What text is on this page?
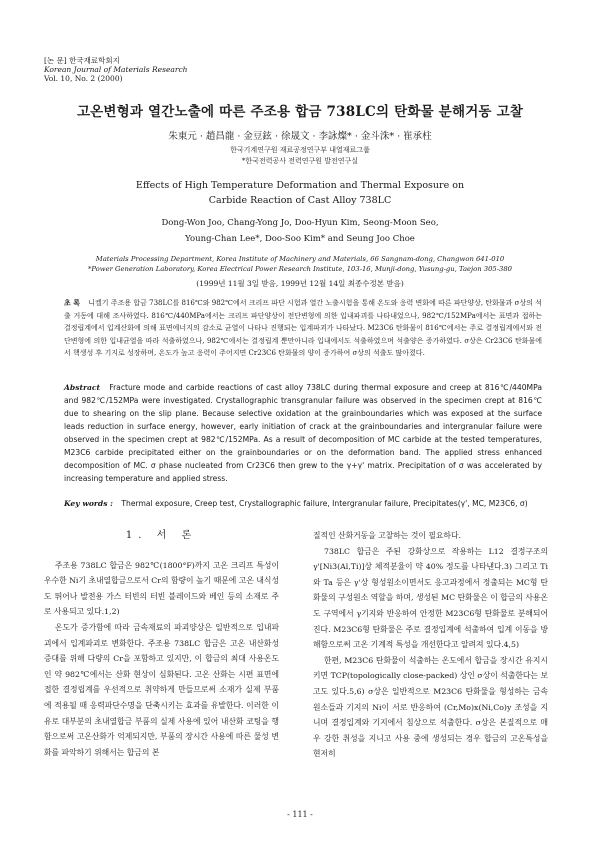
[논 문] 한국재료학회지
Korean Journal of Materials Research
Vol. 10, No. 2 (2000)
고온변형과 열간노출에 따른 주조용 합금 738LC의 탄화물 분해거동 고찰
朱東元 · 趙昌龍 · 金豆鉉 · 徐晟文 · 李詠燦* · 金斗洙* · 崔承柱
한국기계연구원 재료공정연구부 내열재료그룹
*한국전력공사 전력연구원 발전연구실
Effects of High Temperature Deformation and Thermal Exposure on
Carbide Reaction of Cast Alloy 738LC
Dong-Won Joo, Chang-Yong Jo, Doo-Hyun Kim, Seong-Moon Seo,
Young-Chan Lee*, Doo-Soo Kim* and Seung Joo Choe
Materials Processing Department, Korea Institute of Machinery and Materials, 66 Sangnam-dong, Changwon 641-010
*Power Generation Laboratory, Korea Electrical Power Research Institute, 103-16, Munji-dong, Yusung-gu, Taejon 305-380
(1999년 11월 3일 받음, 1999년 12월 14일 최종수정본 받음)
초 록 니켈기 주조용 합금 738LC를 816℃와 982℃에서 크리프 파단 시험과 열간 노출시험을 통해 온도와 응력 변화에 따른 파단양상, 탄화물과 σ상의 석출 거동에 대해 조사하였다. 816℃/440MPa에서는 크리프 파단양상이 전단변형에 의한 입내파괴를 나타내었으나, 982℃/152MPa에서는 표면과 접하는 결정립계에서 입계산화에 의해 표면에너지의 감소로 균열이 나타나 진행되는 입계파괴가 나타났다. M23C6 탄화물이 816℃에서는 주로 결정립계에서와 전단변형에 의한 입내균열을 따라 석출하였으나, 982℃에서는 결정립계 뿐만아니라 입내에서도 석출하였으며 석출양은 증가하였다. σ상은 Cr23C6 탄화물에서 핵생성 후 기지로 성장하며, 온도가 높고 응력이 주어지면 Cr23C6 탄화물의 양이 증가하여 σ상의 석출도 많아졌다.
Abstract Fracture mode and carbide reactions of cast alloy 738LC during thermal exposure and creep at 816℃/440MPa and 982℃/152MPa were investigated. Crystallographic transgranular failure was observed in the specimen crept at 816℃ due to shearing on the slip plane. Because selective oxidation at the grainboundaries which was exposed at the surface leads reduction in surface energy, however, early initiation of crack at the grainboundaries and intergranular failure were observed in the specimen crept at 982℃/152MPa. As a result of decomposition of MC carbide at the tested temperatures, M23C6 carbide precipitated either on the grainboundaries or on the deformation band. The applied stress enhanced decomposition of MC. σ phase nucleated from Cr23C6 then grew to the γ+γ' matrix. Precipitation of σ was accelerated by increasing temperature and applied stress.
Key words : Thermal exposure, Creep test, Crystallographic failure, Intergranular failure, Precipitates(γ', MC, M23C6, σ)
1. 서 론

주조용 738LC 합금은 982℃(1800°F)까지 고온 크리프 특성이 우수한 Ni기 초내열합금으로서 Cr의 함량이 높기 때문에 고온 내식성도 뛰어나 발전용 가스 터빈의 터빈 블레이드와 베인 등의 소재로 주로 사용되고 있다.1,2)

온도가 증가함에 따라 금속재료의 파괴양상은 일반적으로 입내파괴에서 입계파괴로 변화한다. 주조용 738LC 합금은 고온 내산화성 증대를 위해 다량의 Cr을 포함하고 있지만, 이 합금의 최대 사용온도인 약 982℃에서는 산화 현상이 심화된다. 고온 산화는 시편 표면에 접한 결정립계를 우선적으로 취약하게 만들므로써 소재가 실제 부품에 적용될 때 응력파단수명을 단축시키는 효과를 유발한다. 이러한 이유로 대부분의 초내열합금 부품의 실제 사용에 있어 내산화 코팅을 행함으로써 고온산화가 억제되지만, 부품의 장시간 사용에 따른 물성 변화를 파악하기 위해서는 합금의 본

질적인 산화거동을 고찰하는 것이 필요하다.

738LC 합금은 주된 강화상으로 작용하는 L12 결정구조의 γ'[Ni3(Al,Ti)]상 체적분율이 약 40% 정도를 나타낸다.3) 그리고 Ti와 Ta 등은 γ'상 형성원소이면서도 응고과정에서 정출되는 MC형 탄화물의 구성원소 역할을 하며, 생성된 MC 탄화물은 이 합금의 사용온도 구역에서 γ기지와 반응하여 안정한 M23C6형 탄화물로 분해되어진다. M23C6형 탄화물은 주로 결정입계에 석출하여 입계 이동을 방해함으로써 고온 기계적 특성을 개선한다고 알려져 있다.4,5)

한편, M23C6 탄화물이 석출하는 온도에서 합금을 장시간 유지시키면 TCP(topologically close-packed) 상인 σ상이 석출한다는 보고도 있다.5,6) σ상은 일반적으로 M23C6 탄화물을 형성하는 금속원소들과 기지의 Ni이 서로 반응하여 (Cr,Mo)x(Ni,Co)y 조성을 지니며 결정입계와 기지에서 침상으로 석출한다. σ상은 본질적으로 매우 강한 취성을 지니고 사용 중에 생성되는 경우 합금의 고온특성을 현저히

- 111 -
